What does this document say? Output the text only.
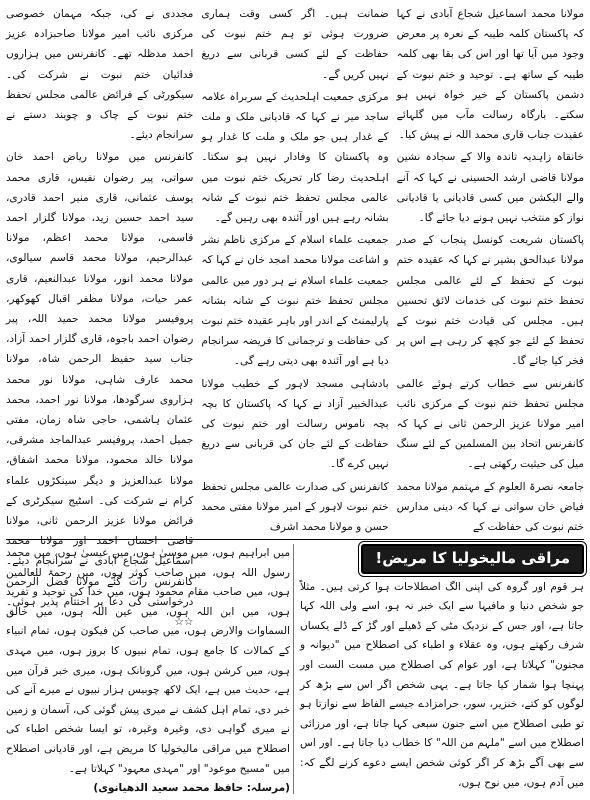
مولانا محمد اسماعیل شجاع آبادی نے کہا کہ پاکستان کلمہ طیبہ کے نعرہ پر معرض وجود میں آیا تھا اور اس کی بقا بھی کلمہ طیبہ کے ساتھ ہے۔ توحید و ختم نبوت کے دشمن پاکستان کے خیر خواہ نہیں ہو سکتے۔ بارگاہ رسالت مآب میں گلہائے عقیدت جناب قاری محمد اللہ نے پیش کیا۔

خانقاہ زاہدیہ تاندہ والا کے سجادہ نشین مولانا قاضی ارشد الحسینی نے کہا کہ آنے والے الیکشن میں کسی قادیانی یا قادیانی نواز کو منتخب نہیں ہونے دیا جائے گا۔

پاکستان شریعت کونسل پنجاب کے صدر مولانا عبدالحق بشیر نے کہا کہ عقیدہ ختم نبوت کے تحفظ کے لئے عالمی مجلس تحفظ ختم نبوت کی خدمات لائق تحسین ہیں۔ مجلس کی قیادت ختم نبوت کے تحفظ کے لئے جو کچھ کر رہی ہے اس پر فخر کیا جائے گا۔

کانفرنس سے خطاب کرتے ہوئے عالمی مجلس تحفظ ختم نبوت کے مرکزی نائب امیر مولانا عزیز الرحمن ثانی نے کہا کہ کانفرنس اتحاد بین المسلمین کے لئے سنگ میل کی حیثیت رکھتی ہے۔

جامعہ نصرۃ العلوم کے مہتمم مولانا محمد فیاض خان سواتی نے کہا کہ دینی مدارس ختم نبوت کی حفاظت کے

ضمانت ہیں۔ اگر کسی وقت ہماری ضرورت ہوئی تو ہم ختم نبوت کی حفاظت کے لئے کسی قربانی سے دریغ نہیں کریں گے۔

مرکزی جمعیت اہلحدیث کے سربراہ علامہ ساجد میر نے کہا کہ قادیانی ملک و ملت کے غدار ہیں جو ملک و ملت کا غدار ہو وہ پاکستان کا وفادار نہیں ہو سکتا۔ اہلحدیث رضا کار تحریک ختم نبوت میں عالمی مجلس تحفظ ختم نبوت کے شانہ بشانہ رہے ہیں اور آئندہ بھی رہیں گے۔

جمعیت علماء اسلام کے مرکزی ناظم نشر و اشاعت مولانا محمد امجد خان نے کہا کہ جمعیت علماء اسلام نے ہر دور میں عالمی مجلس تحفظ ختم نبوت کے شانہ بشانہ پارلیمنٹ کے اندر اور باہر عقیدہ ختم نبوت کی حفاظت و ترجمانی کا فریضہ سرانجام دیا ہے اور آئندہ بھی دیتی رہے گی۔

بادشاہی مسجد لاہور کے خطیب مولانا عبدالخبیر آزاد نے کہا کہ پاکستان کا بچہ بچہ ناموس رسالت اور ختم نبوت کی حفاظت کے لئے جان کی قربانی سے دریغ نہیں کرے گا۔

کانفرنس کی صدارت عالمی مجلس تحفظ ختم نبوت لاہور کے امیر مولانا مفتی محمد حسن و مولانا محمد اشرف

مجددی نے کی، جبکہ مہمان خصوصی مرکزی نائب امیر مولانا صاحبزادہ عزیز احمد مدظلہ تھے۔ کانفرنس میں ہزاروں فدائیان ختم نبوت نے شرکت کی۔ سیکورٹی کے فرائض عالمی مجلس تحفظ ختم نبوت کے چاک و چوبند دستے نے سرانجام دیئے۔

کانفرنس میں مولانا ریاض احمد خان سواتی، پیر رضوان نفیس، قاری محمد یوسف عثمانی، قاری منیر احمد قادری، سید احمد حسین زید، مولانا گلزار احمد قاسمی، مولانا محمد اعظم، مولانا عبدالرحیم، مولانا محمد قاسم سیالوی، مولانا محمد انور، مولانا عبدالنعیم، قاری عمر حیات، مولانا مظفر اقبال کھوکھر، پروفیسر مولانا محمد حمید اللہ، پیر رضوان احمد باجوہ، قاری گلزار احمد آزاد، جناب سید حفیظ الرحمن شاہ، مولانا محمد عارف شاہی، مولانا نور محمد ہزاروی سرگودھا، مولانا نور احمد، محمد عثمان ہاشمی، حاجی شاہ زمان، مفتی جمیل احمد، پروفیسر عبدالماجد مشرقی، مولانا خالد محمود، مولانا محمد اشفاق، مولانا عبدالعزیز و دیگر سینکڑوں علماء کرام نے شرکت کی۔ اسٹیج سیکرٹری کے فرائض مولانا عزیز الرحمن ثانی، مولانا قاضی احسان احمد اور مولانا محمد اسماعیل شجاع آبادی نے سرانجام دیئے۔ کانفرنس رات گئے مولانا فضل الرحمن درخواستی کی دعا پر اختتام پذیر ہوئی۔ ☆☆

مراقی مالیخولیا کا مریض!

ہر قوم اور گروہ کی اپنی الگ اصطلاحات ہوا کرتی ہیں۔ مثلاً جو شخص دنیا و مافیہا سے ایک خبر نہ ہو، اسے ولی اللہ کہا جاتا ہے، اور جس کے نزدیک مٹی کے ڈھیلے اور گڑ کے ڈلے یکساں شرف رکھتے ہوں، وہ عقلاء و اطباء کی اصطلاح میں "دیوانہ و مجنون" کہلاتا ہے، اور عوام کی اصطلاح میں مست الست اور پہنچا ہوا شمار کیا جاتا ہے۔ یہی شخص اگر اس سے بڑھ کر لوگوں کو کتے، خنزیر، سور، حرامزادے جیسے الفاظ سے نوازتا ہو تو طبی اصطلاح میں اسے جنون سبعی کہا جاتا ہے، اور مرزائی اصطلاح میں اسے "ملہم من اللہ" کا خطاب دیا جاتا ہے۔ اور اس سے بھی آگے بڑھ کر اگر کوئی شخص ایسے دعوے کرنے لگے کہ: میں آدم ہوں، میں نوح ہوں،

میں ابراہیم ہوں، میں موسیٰ ہوں، میں عیسیٰ ہوں، میں محمد رسول اللہ ہوں، میں صاحب کوثر ہوں، میں رحمۃ للعالمین ہوں، میں صاحب مقام محمود ہوں، میں خدا کی توحید و تفرید ہوں، میں ابن اللہ ہوں، میں عین اللہ ہوں، میں خالق السماوات والارض ہوں، میں صاحب کن فیکون ہوں، تمام انبیاء کے کمالات کا جامع ہوں، تمام نبیوں کا بروز ہوں، میں مہدی ہوں، میں کرشن ہوں، میں گرونانک ہوں، میری خبر قرآن میں ہے، حدیث میں ہے، ایک لاکھ چوبیس ہزار نبیوں نے میرے آنے کی خبر دی، تمام اہل کشف نے میری پیش گوئی کی، آسمان و زمین نے میری گواہی دی، وغیرہ وغیرہ، تو ایسا شخص اطباء کی اصطلاح میں مراقی مالیخولیا کا مریض ہے، اور قادیانی اصطلاح میں "مسیح موعود" اور "مہدی معہود" کہلاتا ہے۔

(مرسلہ: حافظ محمد سعید الدھیانوی)
